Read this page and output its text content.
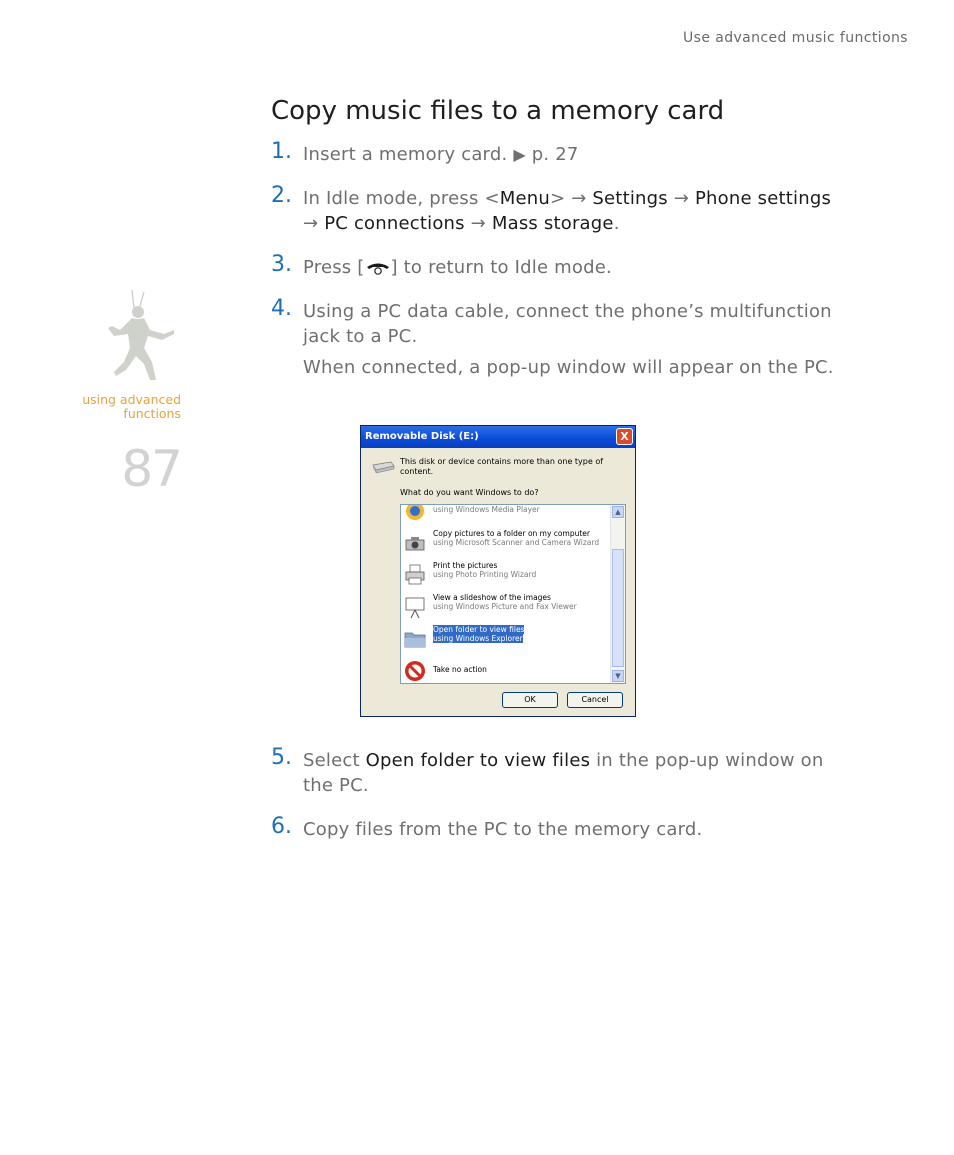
Use advanced music functions
Copy music files to a memory card
using advanced
functions
87
1. Insert a memory card. ▶ p. 27
2. In Idle mode, press <Menu> → Settings → Phone settings → PC connections → Mass storage.
3. Press [ ] to return to Idle mode.
4. Using a PC data cable, connect the phone’s multifunction jack to a PC.
When connected, a pop-up window will appear on the PC.
Removable Disk (E:)	X
This disk or device contains more than one type of content.
What do you want Windows to do?
using Windows Media Player
Copy pictures to a folder on my computer
using Microsoft Scanner and Camera Wizard
Print the pictures
using Photo Printing Wizard
View a slideshow of the images
using Windows Picture and Fax Viewer
Open folder to view files
using Windows Explorer
Take no action
▲
▼
OK	Cancel
5. Select Open folder to view files in the pop-up window on the PC.
6. Copy files from the PC to the memory card.
